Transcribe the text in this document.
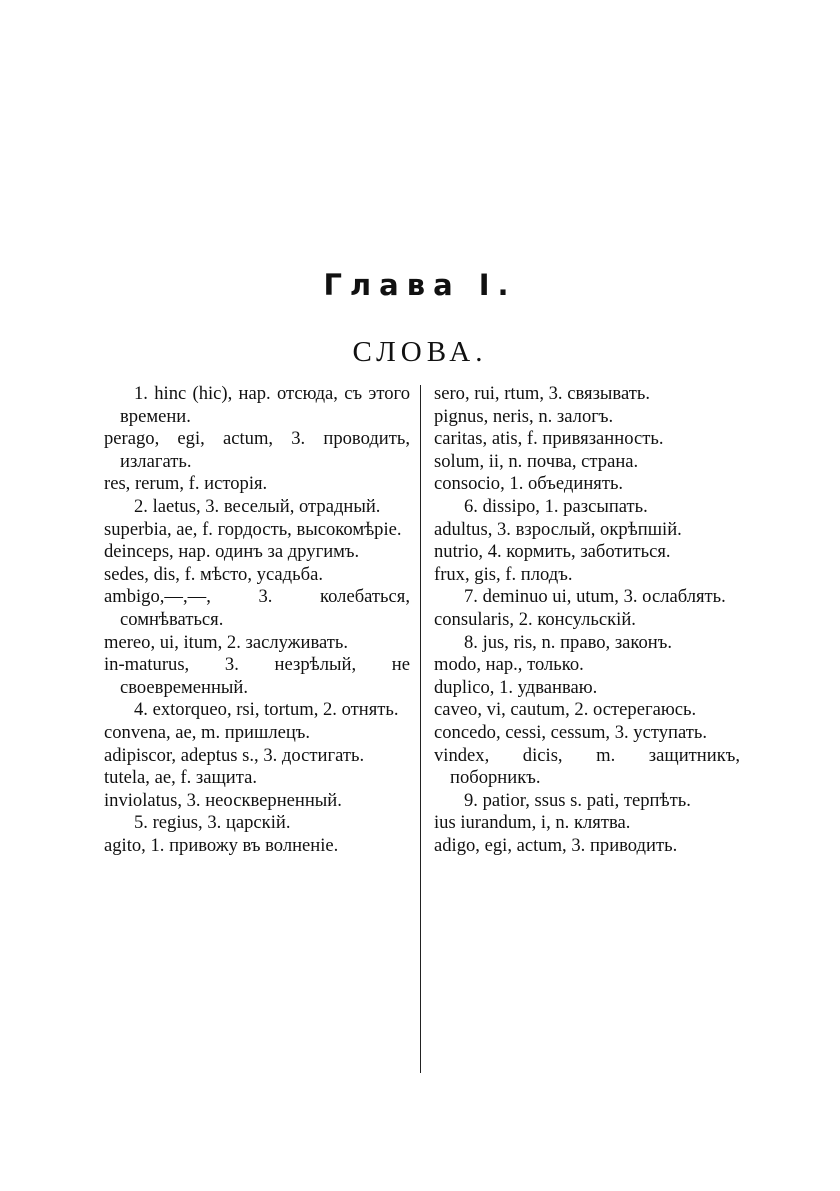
Глава I.
СЛОВА.
1. hinc (hic), нар. отсюда, съ этого времени.
perago, egi, actum, 3. проводить, излагать.
res, rerum, f. исторія.
2. laetus, 3. веселый, отрадный.
superbia, ae, f. гордость, высокомѣріе.
deinceps, нар. одинъ за другимъ.
sedes, dis, f. мѣсто, усадьба.
ambigo,—,—, 3. колебаться, сомнѣваться.
mereo, ui, itum, 2. заслуживать.
in-maturus, 3. незрѣлый, не своевременный.
4. extorqueo, rsi, tortum, 2. отнять.
convena, ae, m. пришлецъ.
adipiscor, adeptus s., 3. достигать.
tutela, ae, f. защита.
inviolatus, 3. неоскверненный.
5. regius, 3. царскій.
agito, 1. привожу въ волненіе.
sero, rui, rtum, 3. связывать.
pignus, neris, n. залогъ.
caritas, atis, f. привязанность.
solum, ii, n. почва, страна.
consocio, 1. объединять.
6. dissipo, 1. разсыпать.
adultus, 3. взрослый, окрѣпшій.
nutrio, 4. кормить, заботиться.
frux, gis, f. плодъ.
7. deminuo ui, utum, 3. ослаблять.
consularis, 2. консульскій.
8. jus, ris, n. право, законъ.
modo, нар., только.
duplico, 1. удванваю.
caveo, vi, cautum, 2. остерегаюсь.
concedo, cessi, cessum, 3. уступать.
vindex, dicis, m. защитникъ, поборникъ.
9. patior, ssus s. pati, терпѣть.
ius iurandum, i, n. клятва.
adigo, egi, actum, 3. приводить.
